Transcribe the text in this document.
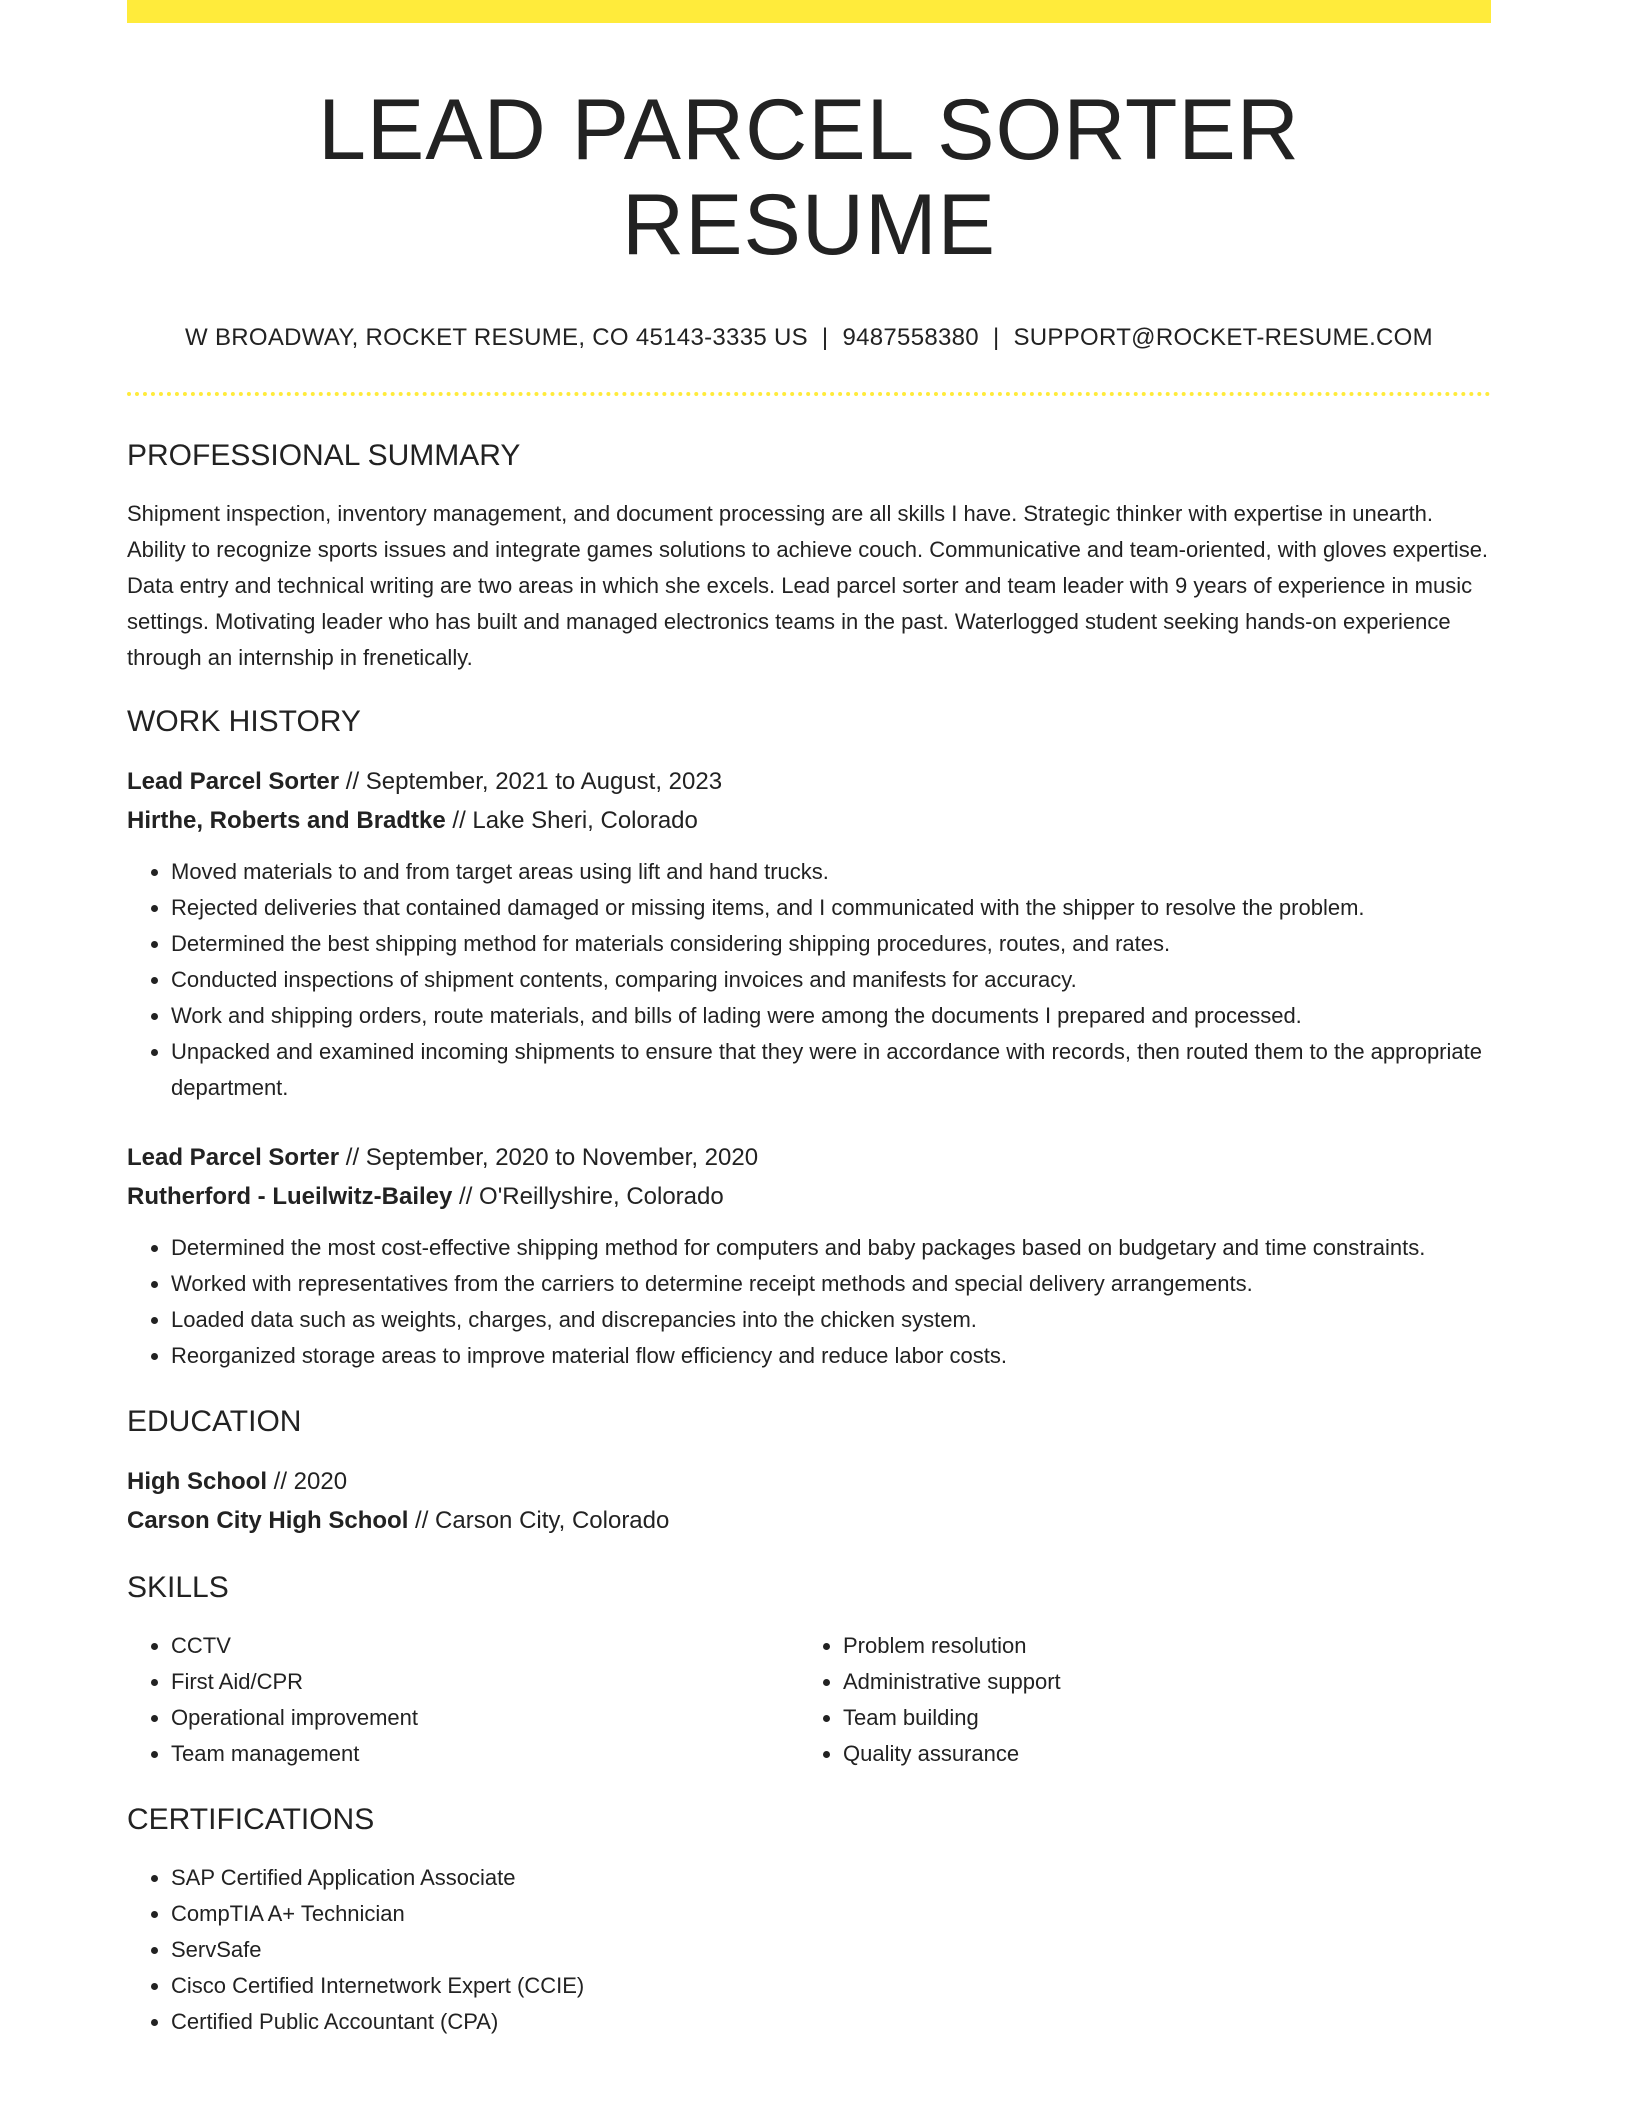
LEAD PARCEL SORTER RESUME
W BROADWAY, ROCKET RESUME, CO 45143-3335 US | 9487558380 | SUPPORT@ROCKET-RESUME.COM
PROFESSIONAL SUMMARY

Shipment inspection, inventory management, and document processing are all skills I have. Strategic thinker with expertise in unearth. Ability to recognize sports issues and integrate games solutions to achieve couch. Communicative and team-oriented, with gloves expertise. Data entry and technical writing are two areas in which she excels. Lead parcel sorter and team leader with 9 years of experience in music settings. Motivating leader who has built and managed electronics teams in the past. Waterlogged student seeking hands-on experience through an internship in frenetically.

WORK HISTORY
Lead Parcel Sorter // September, 2021 to August, 2023
Hirthe, Roberts and Bradtke // Lake Sheri, Colorado
• Moved materials to and from target areas using lift and hand trucks.
• Rejected deliveries that contained damaged or missing items, and I communicated with the shipper to resolve the problem.
• Determined the best shipping method for materials considering shipping procedures, routes, and rates.
• Conducted inspections of shipment contents, comparing invoices and manifests for accuracy.
• Work and shipping orders, route materials, and bills of lading were among the documents I prepared and processed.
• Unpacked and examined incoming shipments to ensure that they were in accordance with records, then routed them to the appropriate department.
Lead Parcel Sorter // September, 2020 to November, 2020
Rutherford - Lueilwitz-Bailey // O'Reillyshire, Colorado
• Determined the most cost-effective shipping method for computers and baby packages based on budgetary and time constraints.
• Worked with representatives from the carriers to determine receipt methods and special delivery arrangements.
• Loaded data such as weights, charges, and discrepancies into the chicken system.
• Reorganized storage areas to improve material flow efficiency and reduce labor costs.
EDUCATION
High School // 2020
Carson City High School // Carson City, Colorado
SKILLS
• CCTV
• First Aid/CPR
• Operational improvement
• Team management
• Problem resolution
• Administrative support
• Team building
• Quality assurance
CERTIFICATIONS
• SAP Certified Application Associate
• CompTIA A+ Technician
• ServSafe
• Cisco Certified Internetwork Expert (CCIE)
• Certified Public Accountant (CPA)
